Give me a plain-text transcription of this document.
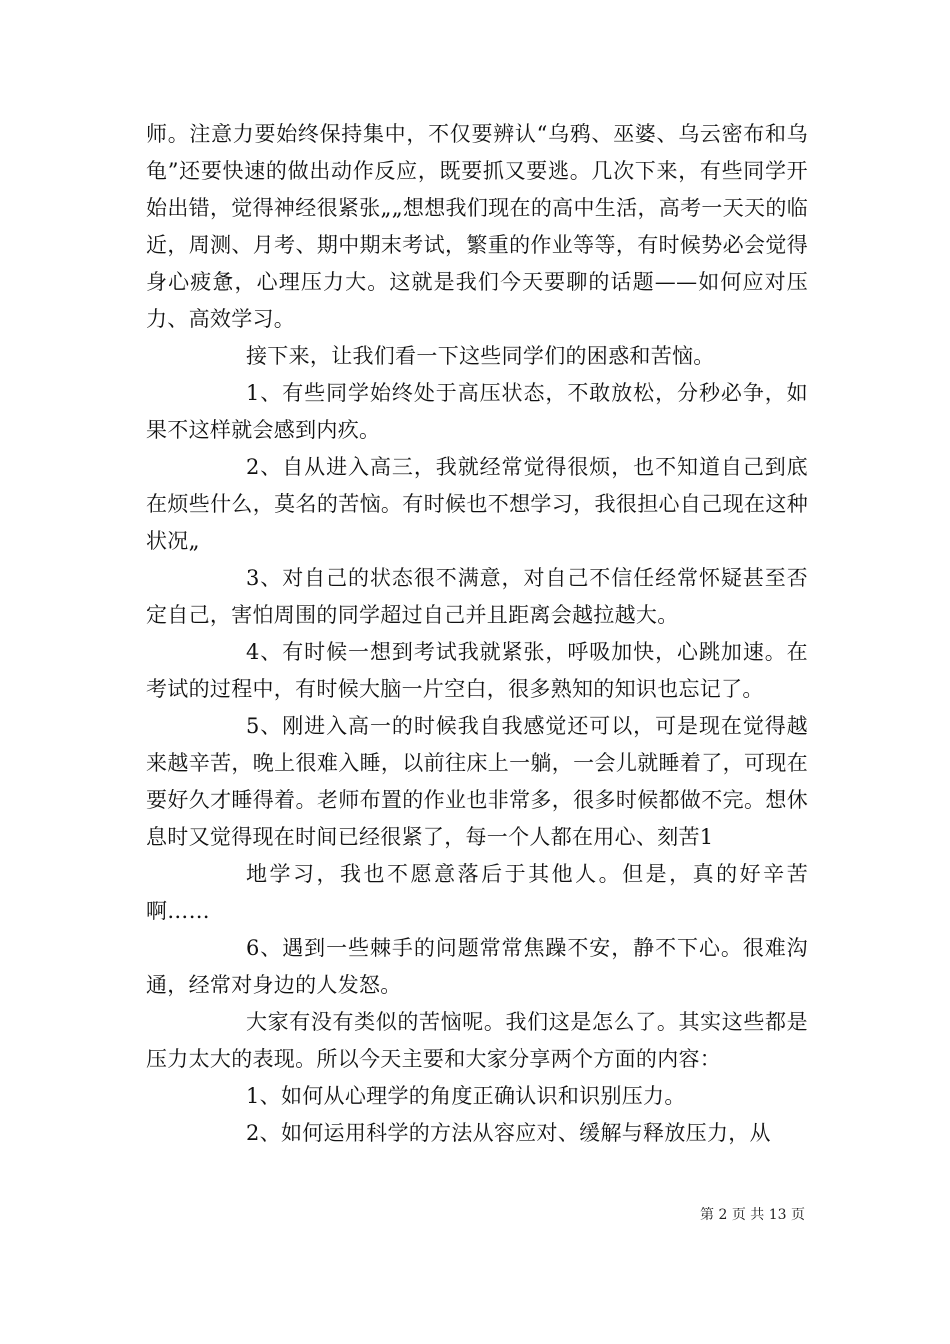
师。注意力要始终保持集中，不仅要辨认“乌鸦、巫婆、乌云密布和乌龟”还要快速的做出动作反应，既要抓又要逃。几次下来，有些同学开始出错，觉得神经很紧张„„想想我们现在的高中生活，高考一天天的临近，周测、月考、期中期末考试，繁重的作业等等，有时候势必会觉得身心疲惫，心理压力大。这就是我们今天要聊的话题——如何应对压力、高效学习。

接下来，让我们看一下这些同学们的困惑和苦恼。

1、有些同学始终处于高压状态，不敢放松，分秒必争，如果不这样就会感到内疚。

2、自从进入高三，我就经常觉得很烦，也不知道自己到底在烦些什么，莫名的苦恼。有时候也不想学习，我很担心自己现在这种状况„

3、对自己的状态很不满意，对自己不信任经常怀疑甚至否定自己，害怕周围的同学超过自己并且距离会越拉越大。

4、有时候一想到考试我就紧张，呼吸加快，心跳加速。在考试的过程中，有时候大脑一片空白，很多熟知的知识也忘记了。

5、刚进入高一的时候我自我感觉还可以，可是现在觉得越来越辛苦，晚上很难入睡，以前往床上一躺，一会儿就睡着了，可现在要好久才睡得着。老师布置的作业也非常多，很多时候都做不完。想休息时又觉得现在时间已经很紧了，每一个人都在用心、刻苦1

地学习，我也不愿意落后于其他人。但是，真的好辛苦啊……

6、遇到一些棘手的问题常常焦躁不安，静不下心。很难沟通，经常对身边的人发怒。

大家有没有类似的苦恼呢。我们这是怎么了。其实这些都是压力太大的表现。所以今天主要和大家分享两个方面的内容：

1、如何从心理学的角度正确认识和识别压力。

2、如何运用科学的方法从容应对、缓解与释放压力，从

第 2 页 共 13 页
